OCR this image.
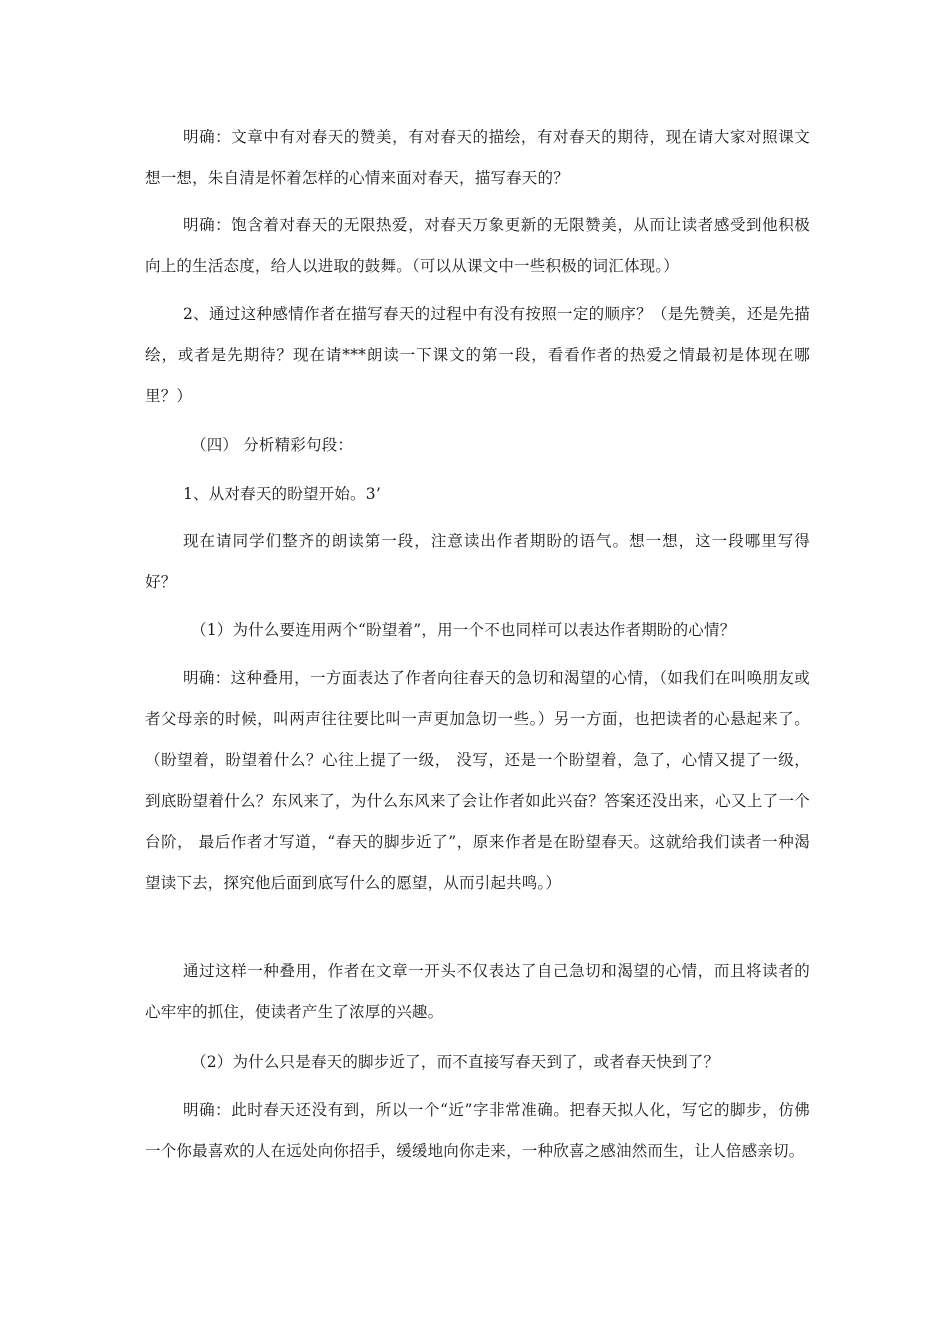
明确：文章中有对春天的赞美，有对春天的描绘，有对春天的期待，现在请大家对照课文想一想，朱自清是怀着怎样的心情来面对春天，描写春天的？

明确：饱含着对春天的无限热爱，对春天万象更新的无限赞美，从而让读者感受到他积极向上的生活态度，给人以进取的鼓舞。（可以从课文中一些积极的词汇体现。）

2、通过这种感情作者在描写春天的过程中有没有按照一定的顺序？（是先赞美，还是先描绘，或者是先期待？现在请***朗读一下课文的第一段，看看作者的热爱之情最初是体现在哪里？）

（四） 分析精彩句段：

1、从对春天的盼望开始。3’

现在请同学们整齐的朗读第一段，注意读出作者期盼的语气。想一想，这一段哪里写得好？

（1）为什么要连用两个“盼望着”，用一个不也同样可以表达作者期盼的心情？

明确：这种叠用，一方面表达了作者向往春天的急切和渴望的心情，（如我们在叫唤朋友或者父母亲的时候，叫两声往往要比叫一声更加急切一些。）另一方面，也把读者的心悬起来了。（盼望着，盼望着什么？心往上提了一级， 没写，还是一个盼望着，急了，心情又提了一级， 到底盼望着什么？东风来了，为什么东风来了会让作者如此兴奋？答案还没出来，心又上了一个台阶， 最后作者才写道，“春天的脚步近了”，原来作者是在盼望春天。这就给我们读者一种渴望读下去，探究他后面到底写什么的愿望，从而引起共鸣。）

通过这样一种叠用，作者在文章一开头不仅表达了自己急切和渴望的心情，而且将读者的心牢牢的抓住，使读者产生了浓厚的兴趣。

（2）为什么只是春天的脚步近了，而不直接写春天到了，或者春天快到了？

明确：此时春天还没有到，所以一个“近”字非常准确。把春天拟人化，写它的脚步，仿佛一个你最喜欢的人在远处向你招手，缓缓地向你走来，一种欣喜之感油然而生，让人倍感亲切。
